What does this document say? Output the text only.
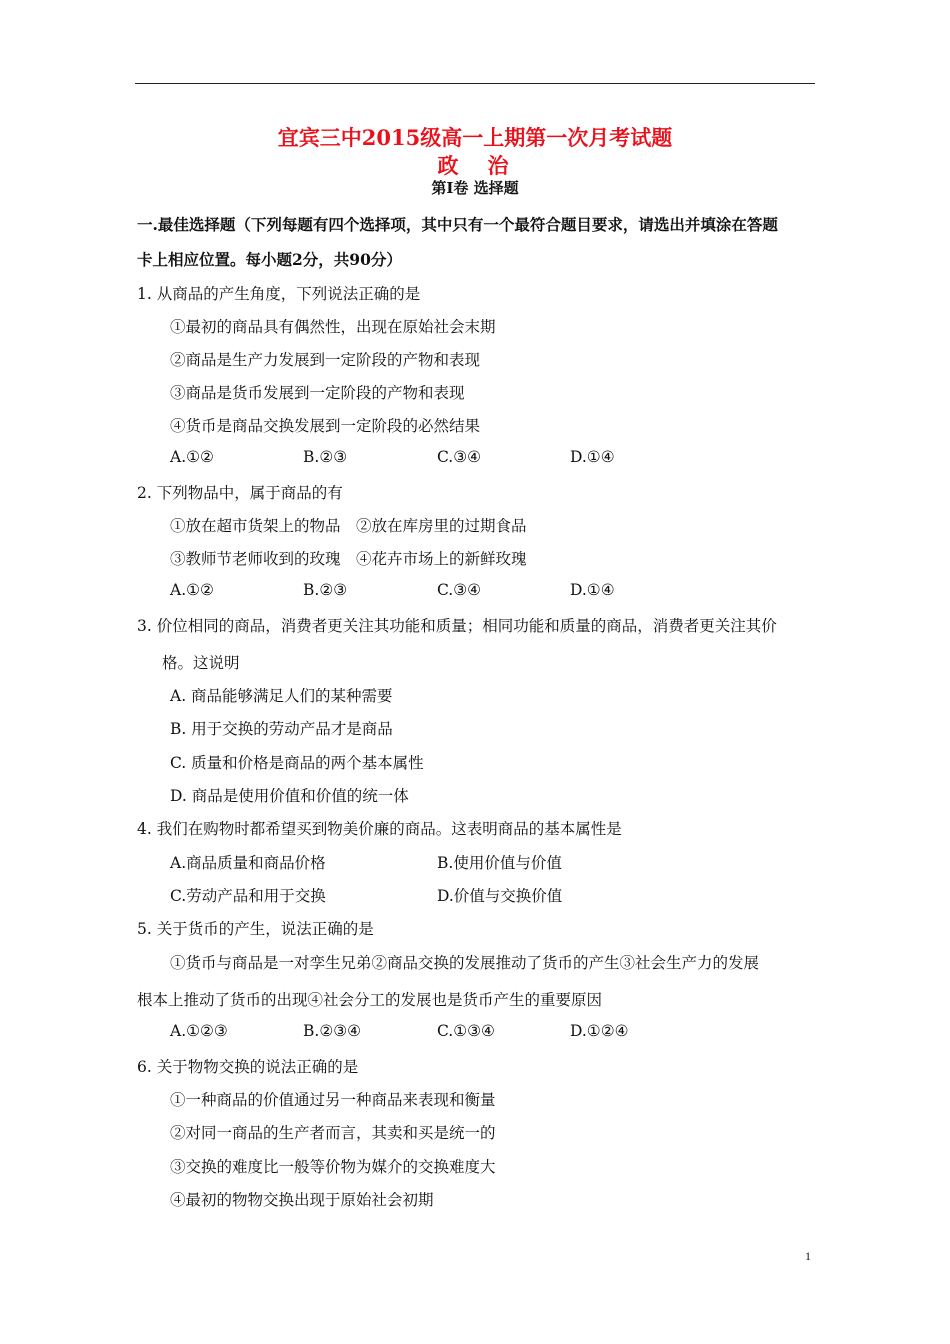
宜宾三中2015级高一上期第一次月考试题
政　治
第Ⅰ卷 选择题
一.最佳选择题（下列每题有四个选择项，其中只有一个最符合题目要求，请选出并填涂在答题
卡上相应位置。每小题2分，共90分）
1. 从商品的产生角度，下列说法正确的是
①最初的商品具有偶然性，出现在原始社会末期
②商品是生产力发展到一定阶段的产物和表现
③商品是货币发展到一定阶段的产物和表现
④货币是商品交换发展到一定阶段的必然结果
A.①②	B.②③	C.③④	D.①④
2. 下列物品中，属于商品的有
①放在超市货架上的物品　②放在库房里的过期食品
③教师节老师收到的玫瑰　④花卉市场上的新鲜玫瑰
A.①②	B.②③	C.③④	D.①④
3. 价位相同的商品，消费者更关注其功能和质量；相同功能和质量的商品，消费者更关注其价
格。这说明
A. 商品能够满足人们的某种需要
B. 用于交换的劳动产品才是商品
C. 质量和价格是商品的两个基本属性
D. 商品是使用价值和价值的统一体
4. 我们在购物时都希望买到物美价廉的商品。这表明商品的基本属性是
A.商品质量和商品价格	B.使用价值与价值
C.劳动产品和用于交换	D.价值与交换价值
5. 关于货币的产生，说法正确的是
①货币与商品是一对孪生兄弟②商品交换的发展推动了货币的产生③社会生产力的发展
根本上推动了货币的出现④社会分工的发展也是货币产生的重要原因
A.①②③	B.②③④	C.①③④	D.①②④
6. 关于物物交换的说法正确的是
①一种商品的价值通过另一种商品来表现和衡量
②对同一商品的生产者而言，其卖和买是统一的
③交换的难度比一般等价物为媒介的交换难度大
④最初的物物交换出现于原始社会初期
1
